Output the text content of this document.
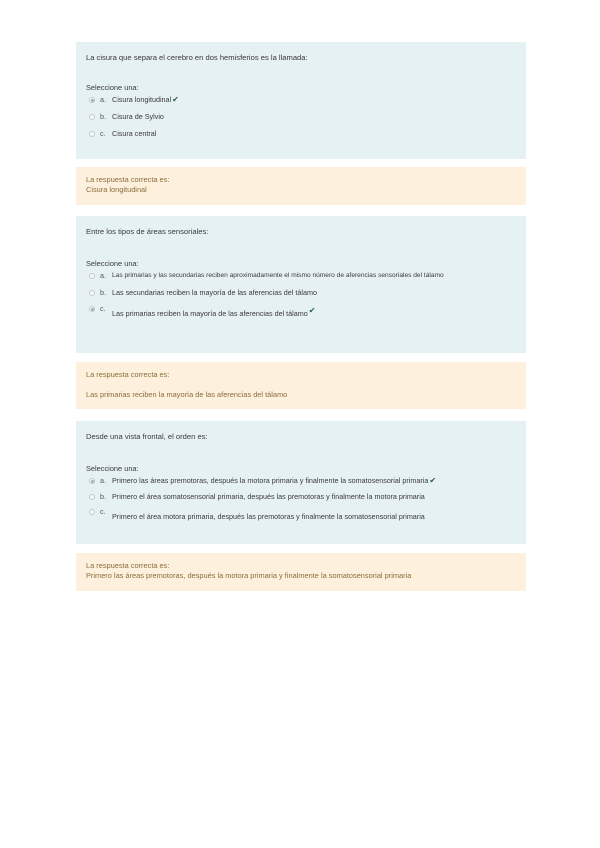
La cisura que separa el cerebro en dos hemisferios es la llamada:

Seleccione una:

a. Cisura longitudinal ✔
b. Cisura de Sylvio
c. Cisura central
La respuesta correcta es:
Cisura longitudinal

Entre los tipos de áreas sensoriales:

Seleccione una:

a. Las primarias y las secundarias reciben aproximadamente el mismo número de aferencias sensoriales del tálamo
b. Las secundarias reciben la mayoría de las aferencias del tálamo
c.
Las primarias reciben la mayoría de las aferencias del tálamo ✔
La respuesta correcta es:
Las primarias reciben la mayoría de las aferencias del tálamo

Desde una vista frontal, el orden es:

Seleccione una:

a. Primero las áreas premotoras, después la motora primaria y finalmente la somatosensorial primaria ✔
b. Primero el área somatosensorial primaria, después las premotoras y finalmente la motora primaria
c.
Primero el área motora primaria, después las premotoras y finalmente la somatosensorial primaria
La respuesta correcta es:
Primero las áreas premotoras, después la motora primaria y finalmente la somatosensorial primaria
